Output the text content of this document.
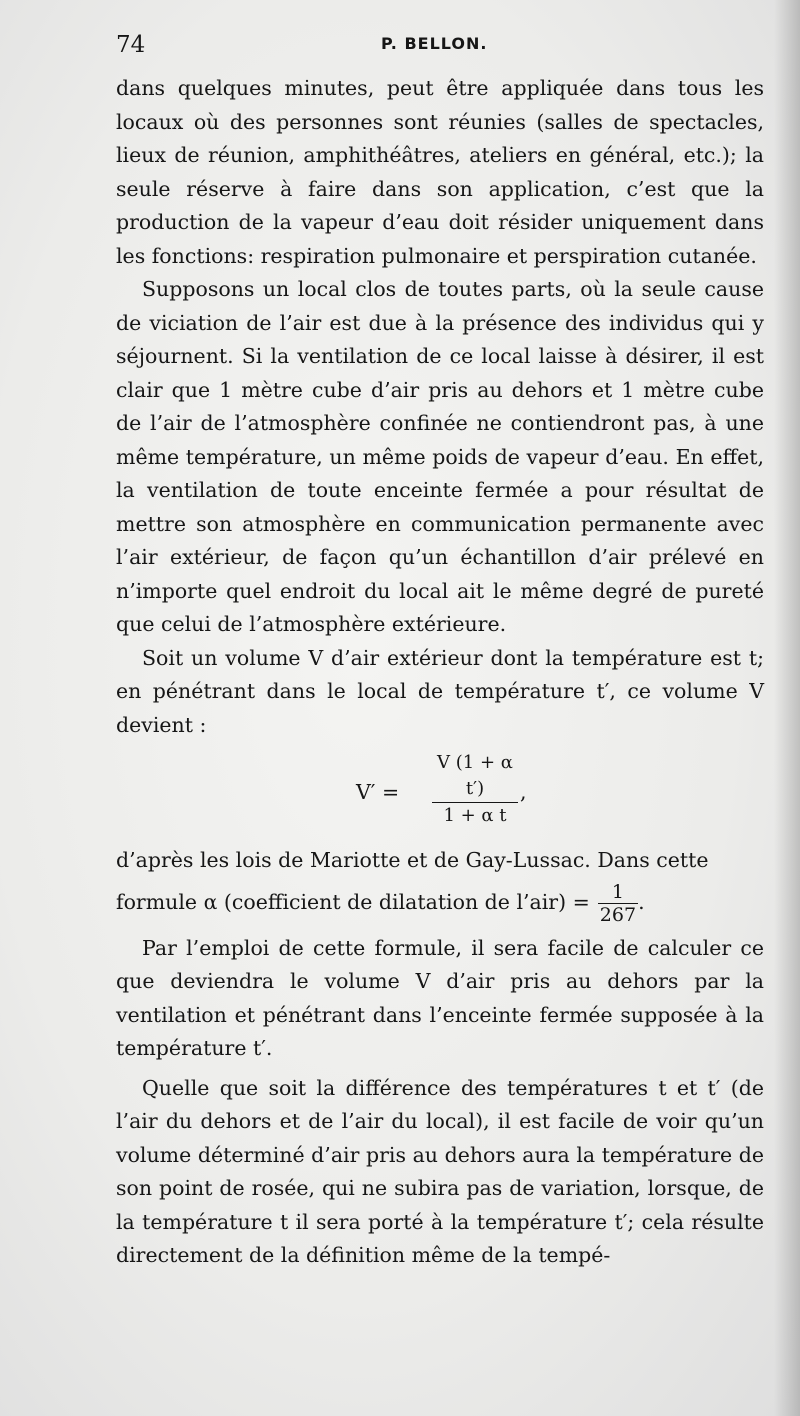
74	P. BELLON.

dans quelques minutes, peut être appliquée dans tous les locaux où des personnes sont réunies (salles de spectacles, lieux de réunion, amphithéâtres, ateliers en général, etc.); la seule réserve à faire dans son application, c’est que la production de la vapeur d’eau doit résider uniquement dans les fonctions: respiration pulmonaire et perspiration cutanée.

Supposons un local clos de toutes parts, où la seule cause de viciation de l’air est due à la présence des individus qui y séjournent. Si la ventilation de ce local laisse à désirer, il est clair que 1 mètre cube d’air pris au dehors et 1 mètre cube de l’air de l’atmosphère confinée ne contiendront pas, à une même température, un même poids de vapeur d’eau. En effet, la ventilation de toute enceinte fermée a pour résultat de mettre son atmosphère en communication permanente avec l’air extérieur, de façon qu’un échantillon d’air prélevé en n’importe quel endroit du local ait le même degré de pureté que celui de l’atmosphère extérieure.

Soit un volume V d’air extérieur dont la température est t; en pénétrant dans le local de température t′, ce volume V devient :

$V' = \frac{\text{V (1 + α t′)}}{\text{1 + α t}}$ ,

d’après les lois de Mariotte et de Gay-Lussac. Dans cette

formule α (coefficient de dilatation de l’air) = $\frac{1}{267}$ .

Par l’emploi de cette formule, il sera facile de calculer ce que deviendra le volume V d’air pris au dehors par la ventilation et pénétrant dans l’enceinte fermée supposée à la température t′.

Quelle que soit la différence des températures t et t′ (de l’air du dehors et de l’air du local), il est facile de voir qu’un volume déterminé d’air pris au dehors aura la température de son point de rosée, qui ne subira pas de variation, lorsque, de la température t il sera porté à la température t′; cela résulte directement de la définition même de la tempé-
